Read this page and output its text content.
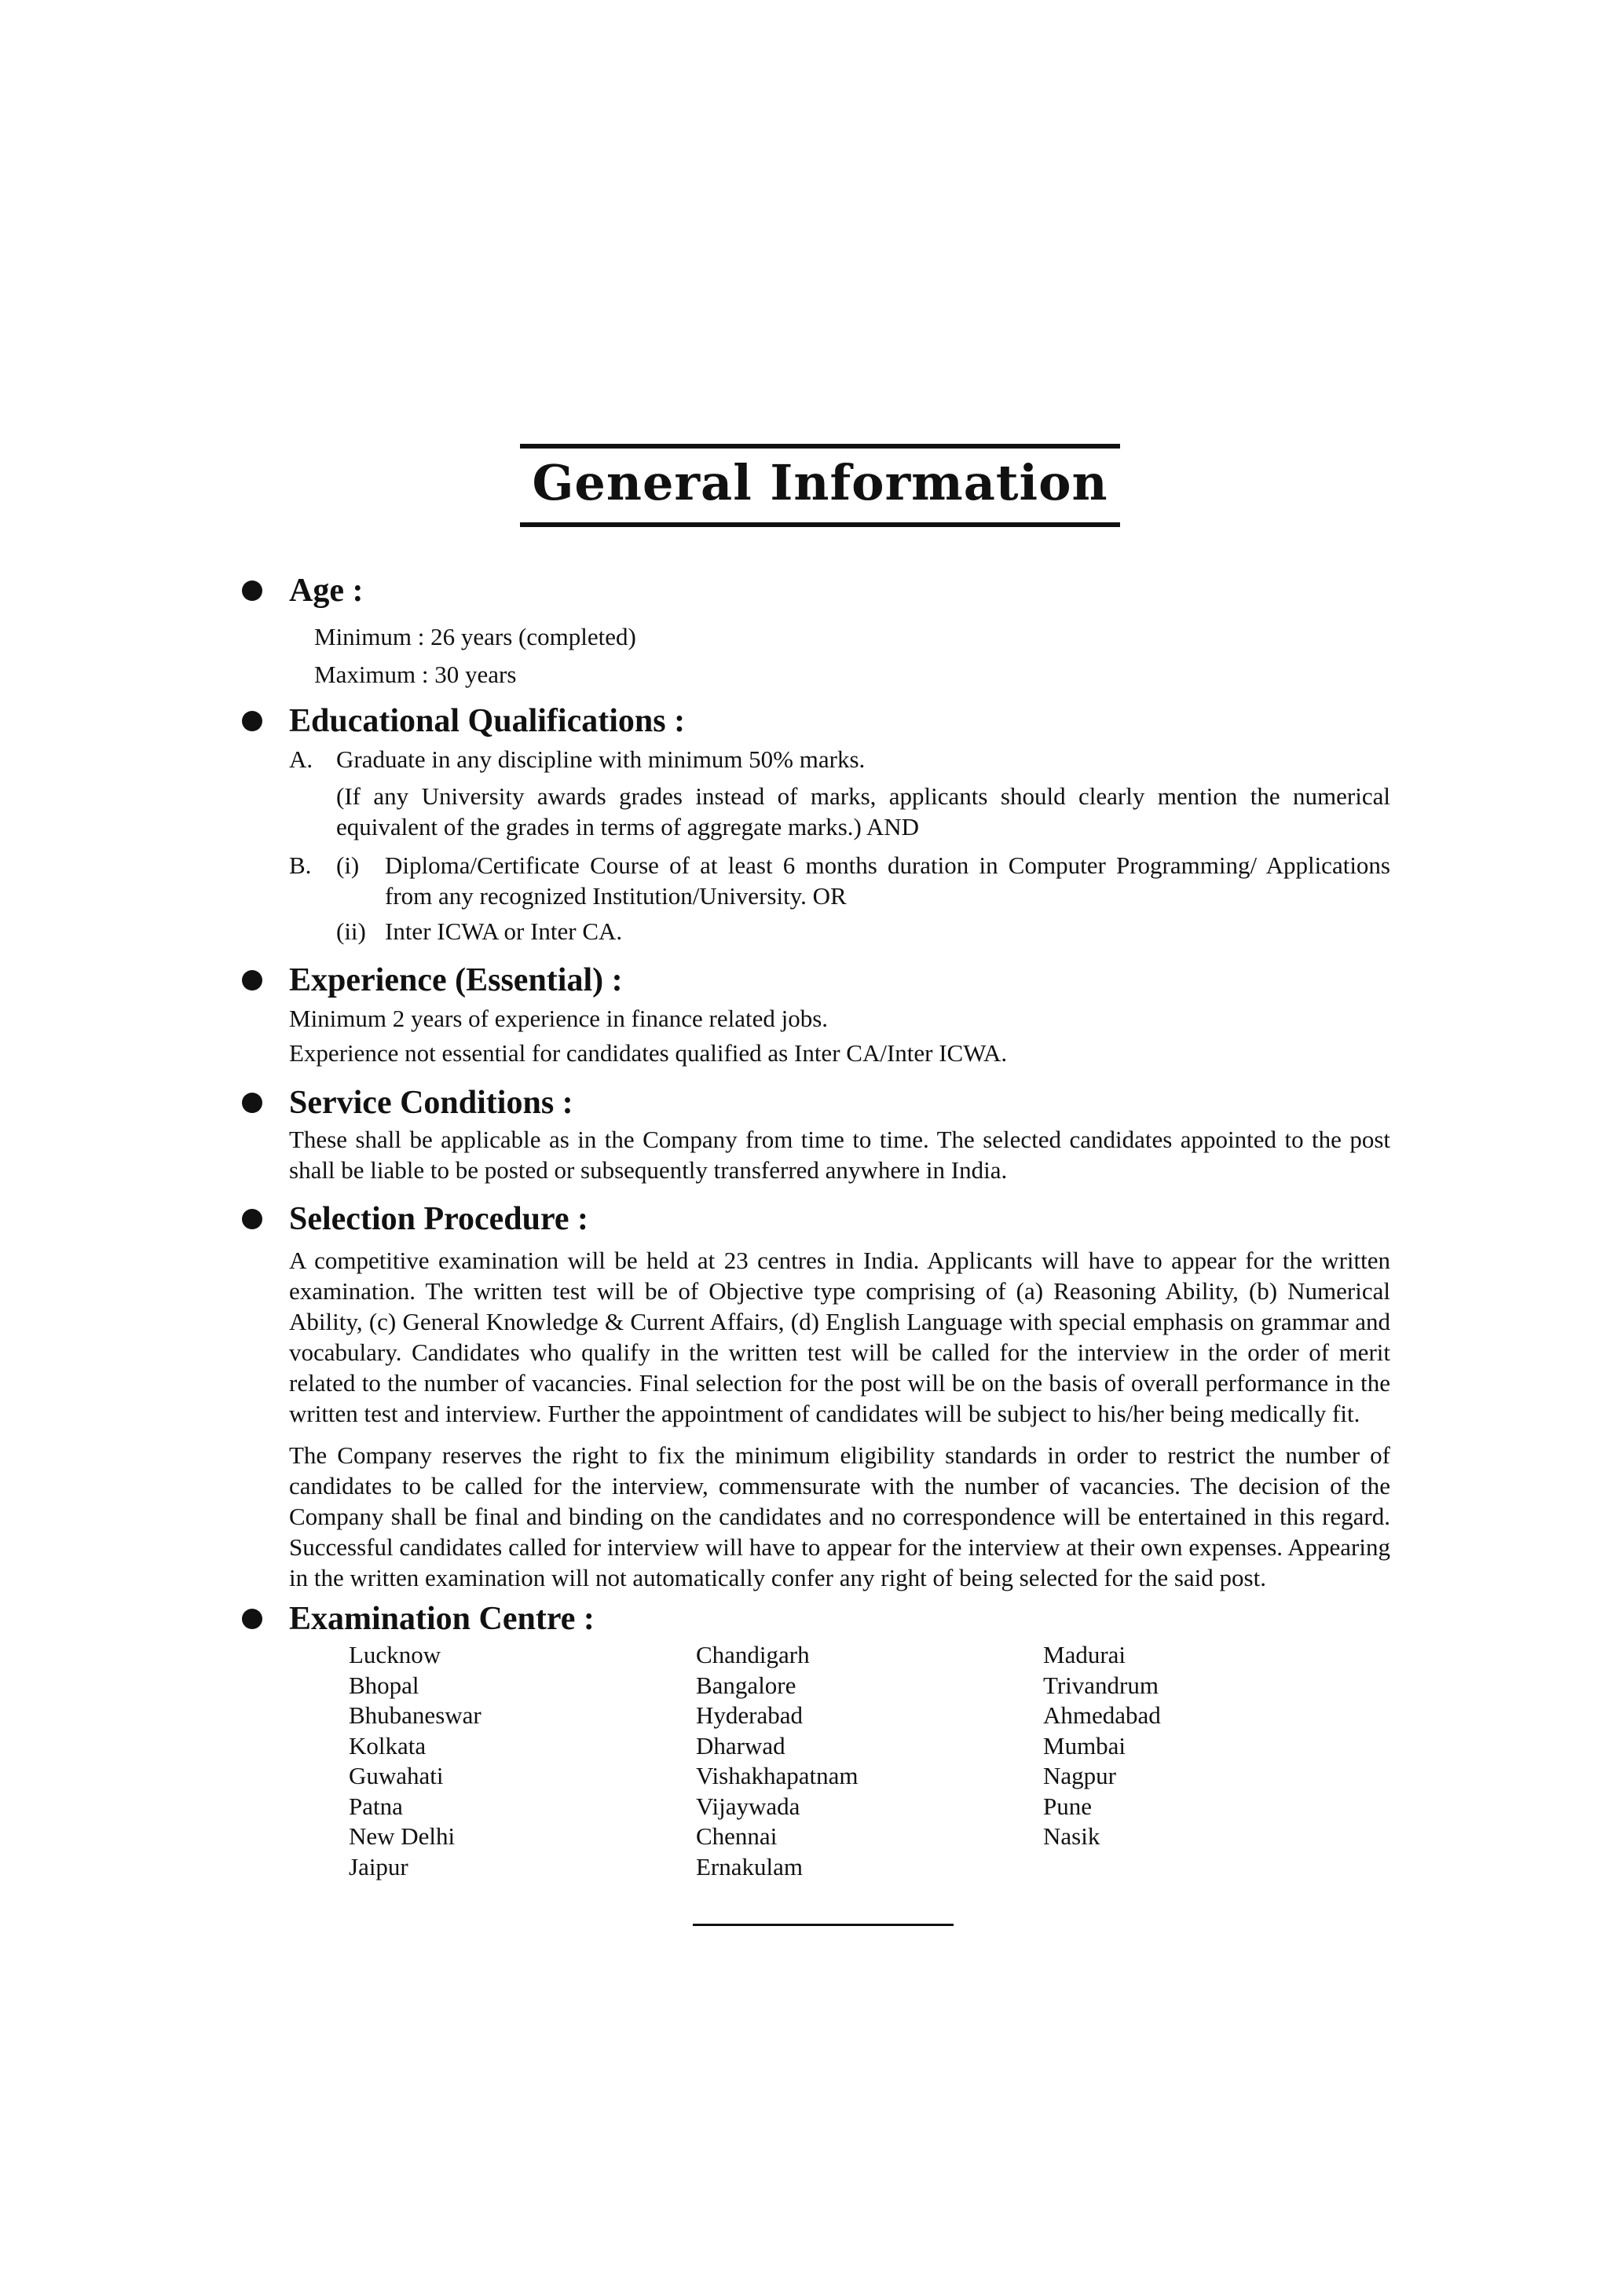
General Information
Age :
Minimum : 26 years (completed)
Maximum : 30 years
Educational Qualifications :
A. Graduate in any discipline with minimum 50% marks.
(If any University awards grades instead of marks, applicants should clearly mention the numerical equivalent of the grades in terms of aggregate marks.) AND
B.	(i)	Diploma/Certificate Course of at least 6 months duration in Computer Programming/ Applications from any recognized Institution/University. OR
(ii) Inter ICWA or Inter CA.
Experience (Essential) :
Minimum 2 years of experience in finance related jobs.
Experience not essential for candidates qualified as Inter CA/Inter ICWA.
Service Conditions :
These shall be applicable as in the Company from time to time. The selected candidates appointed to the post shall be liable to be posted or subsequently transferred anywhere in India.
Selection Procedure :
A competitive examination will be held at 23 centres in India. Applicants will have to appear for the written examination. The written test will be of Objective type comprising of (a) Reasoning Ability, (b) Numerical Ability, (c) General Knowledge & Current Affairs, (d) English Language with special emphasis on grammar and vocabulary. Candidates who qualify in the written test will be called for the interview in the order of merit related to the number of vacancies. Final selection for the post will be on the basis of overall performance in the written test and interview. Further the appointment of candidates will be subject to his/her being medically fit.
The Company reserves the right to fix the minimum eligibility standards in order to restrict the number of candidates to be called for the interview, commensurate with the number of vacancies. The decision of the Company shall be final and binding on the candidates and no correspondence will be entertained in this regard. Successful candidates called for interview will have to appear for the interview at their own expenses. Appearing in the written examination will not automatically confer any right of being selected for the said post.
Examination Centre :
Lucknow
Bhopal
Bhubaneswar
Kolkata
Guwahati
Patna
New Delhi
Jaipur
Chandigarh
Bangalore
Hyderabad
Dharwad
Vishakhapatnam
Vijaywada
Chennai
Ernakulam
Madurai
Trivandrum
Ahmedabad
Mumbai
Nagpur
Pune
Nasik
